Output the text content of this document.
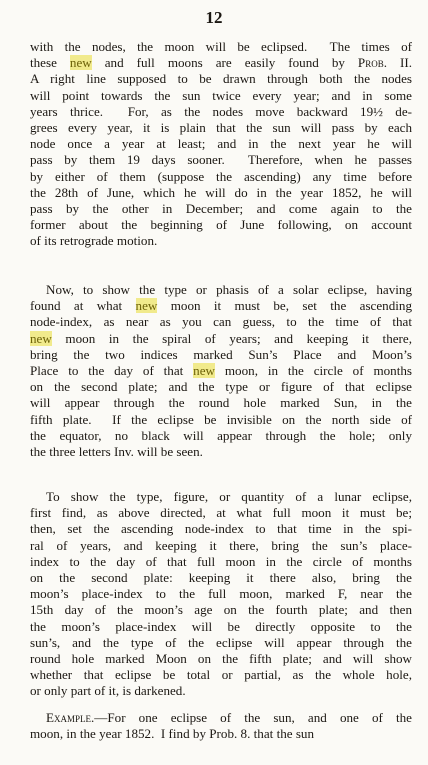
12
with the nodes, the moon will be eclipsed.  The times of
these new and full moons are easily found by Prob. II.
A right line supposed to be drawn through both the nodes
will point towards the sun twice every year; and in some
years thrice.  For, as the nodes move backward 19½ de-
grees every year, it is plain that the sun will pass by each
node once a year at least; and in the next year he will
pass by them 19 days sooner.  Therefore, when he passes
by either of them (suppose the ascending) any time before
the 28th of June, which he will do in the year 1852, he will
pass by the other in December; and come again to the
former about the beginning of June following, on account
of its retrograde motion.
Now, to show the type or phasis of a solar eclipse, having
found at what new moon it must be, set the ascending
node-index, as near as you can guess, to the time of that
new moon in the spiral of years; and keeping it there,
bring the two indices marked Sun’s Place and Moon’s
Place to the day of that new moon, in the circle of months
on the second plate; and the type or figure of that eclipse
will appear through the round hole marked Sun, in the
fifth plate.  If the eclipse be invisible on the north side of
the equator, no black will appear through the hole; only
the three letters Inv. will be seen.
To show the type, figure, or quantity of a lunar eclipse,
first find, as above directed, at what full moon it must be;
then, set the ascending node-index to that time in the spi-
ral of years, and keeping it there, bring the sun’s place-
index to the day of that full moon in the circle of months
on the second plate: keeping it there also, bring the
moon’s place-index to the full moon, marked F, near the
15th day of the moon’s age on the fourth plate; and then
the moon’s place-index will be directly opposite to the
sun’s, and the type of the eclipse will appear through the
round hole marked Moon on the fifth plate; and will show
whether that eclipse be total or partial, as the whole hole,
or only part of it, is darkened.
Example.—For one eclipse of the sun, and one of the
moon, in the year 1852.  I find by Prob. 8. that the sun
